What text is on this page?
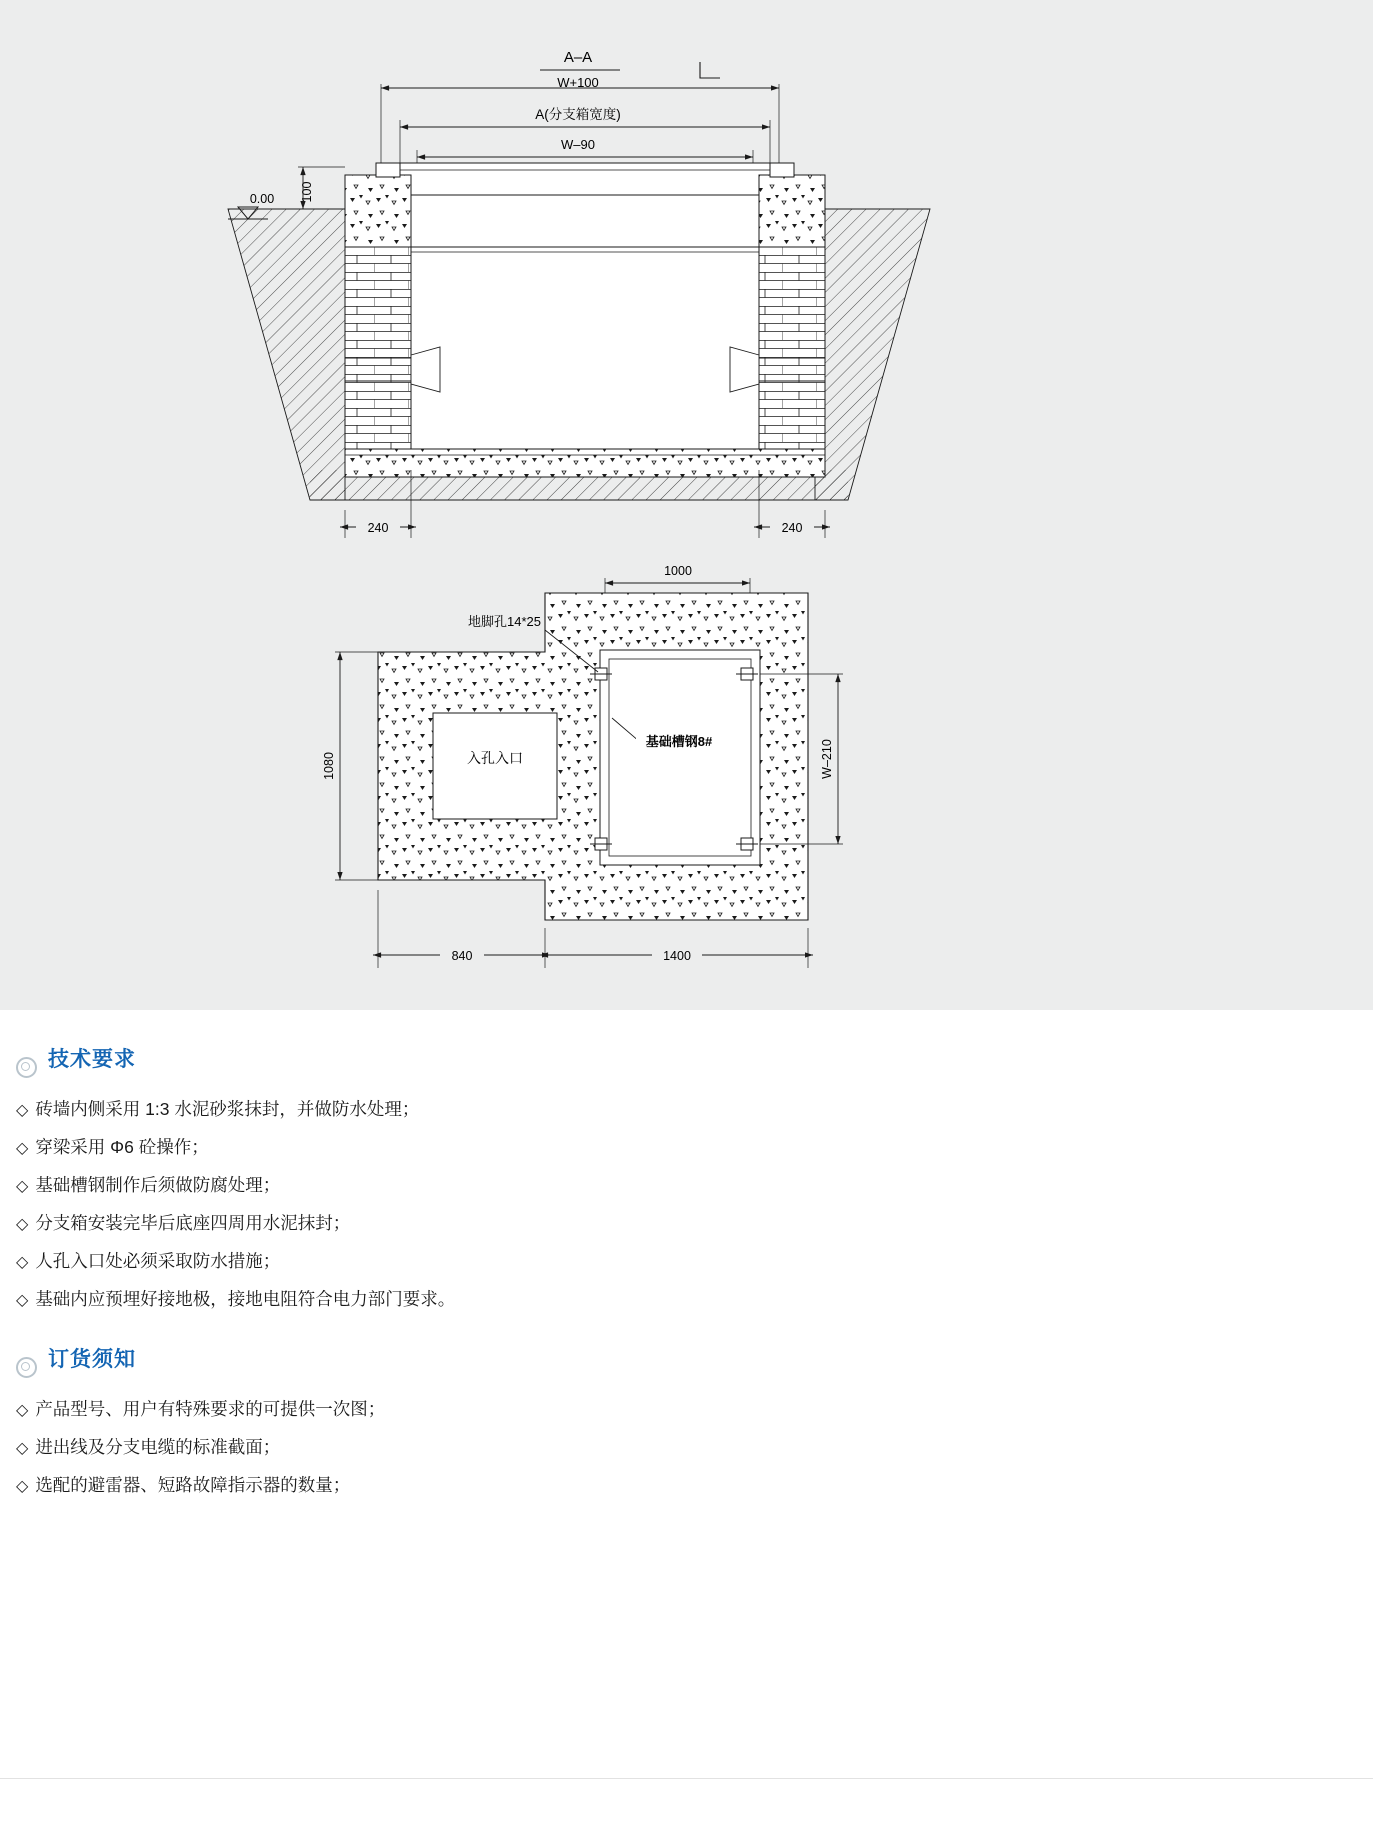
A–A
W+100
A(分支箱宽度)
W–90
100
0.00
240	240
1000
入孔入口
地脚孔14*25
基础槽钢8#
1080	W–210
840	1400
技术要求
◇ 砖墙内侧采用 1:3 水泥砂浆抹封，并做防水处理；
◇ 穿梁采用 Φ6 砼操作；
◇ 基础槽钢制作后须做防腐处理；
◇ 分支箱安装完毕后底座四周用水泥抹封；
◇ 人孔入口处必须采取防水措施；
◇ 基础内应预埋好接地极，接地电阻符合电力部门要求。
订货须知
◇ 产品型号、用户有特殊要求的可提供一次图；
◇ 进出线及分支电缆的标准截面；
◇ 选配的避雷器、短路故障指示器的数量；
